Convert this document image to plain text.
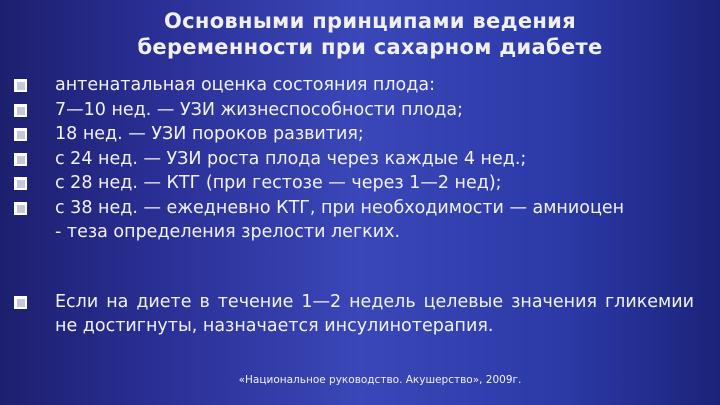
Основными принципами ведения
беременности при сахарном диабете
антенатальная оценка состояния плода:
7—10 нед. — УЗИ жизнеспособности плода;
18 нед. — УЗИ пороков развития;
с 24 нед. — УЗИ роста плода через каждые 4 нед.;
с 28 нед. — КТГ (при гестозе — через 1—2 нед);
с 38 нед. — ежедневно КТГ, при необходимости — амниоцен
- теза определения зрелости легких.
Если на диете в течение 1—2 недель целевые значения гликемии не достигнуты, назначается инсулинотерапия.
«Национальное руководство. Акушерство», 2009г.
